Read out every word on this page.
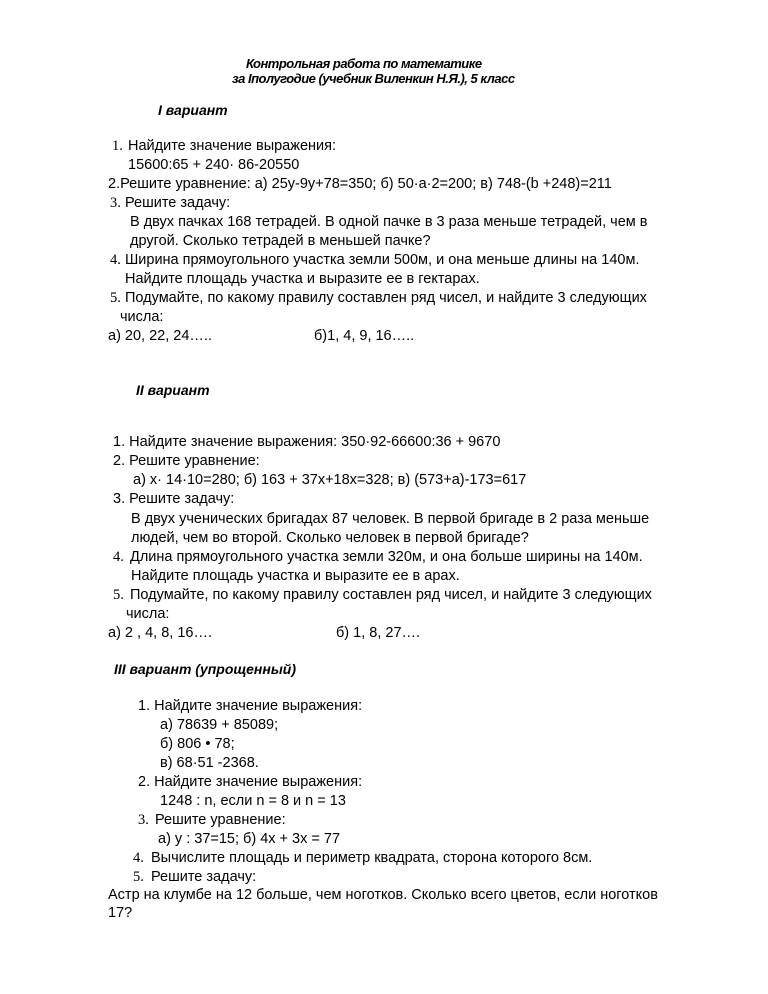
Контрольная работа по математике
за Iполугодие (учебник Виленкин Н.Я.), 5 класс
I вариант
1. Найдите значение выражения:
15600:65 + 240· 86-20550
2.Решите уравнение: а) 25у-9у+78=350; б) 50·а·2=200; в) 748-(b +248)=211
3. Решите задачу:
В двух пачках 168 тетрадей. В одной пачке в 3 раза меньше тетрадей, чем в
другой. Сколько тетрадей в меньшей пачке?
4. Ширина прямоугольного участка земли 500м, и она меньше длины на 140м.
Найдите площадь участка и выразите ее в гектарах.
5. Подумайте, по какому правилу составлен ряд чисел, и найдите 3 следующих
числа:
а) 20, 22, 24…..	б)1, 4, 9, 16…..
II вариант
1. Найдите значение выражения: 350·92-66600:36 + 9670
2. Решите уравнение:
а) х· 14·10=280; б) 163 + 37х+18х=328; в) (573+а)-173=617
3. Решите задачу:
В двух ученических бригадах 87 человек. В первой бригаде в 2 раза меньше
людей, чем во второй. Сколько человек в первой бригаде?
4. Длина прямоугольного участка земли 320м, и она больше ширины на 140м.
Найдите площадь участка и выразите ее в арах.
5. Подумайте, по какому правилу составлен ряд чисел, и найдите 3 следующих
числа:
а) 2 , 4, 8, 16….	б) 1, 8, 27….
III вариант (упрощенный)
1. Найдите значение выражения:
а) 78639 + 85089;
б) 806 • 78;
в) 68·51 -2368.
2. Найдите значение выражения:
1248 : n, если n = 8 и n = 13
3. Решите уравнение:
а) у : 37=15; б) 4х + 3х = 77
4. Вычислите площадь и периметр квадрата, сторона которого 8см.
5. Решите задачу:
Астр на клумбе на 12 больше, чем ноготков. Сколько всего цветов, если ноготков
17?
